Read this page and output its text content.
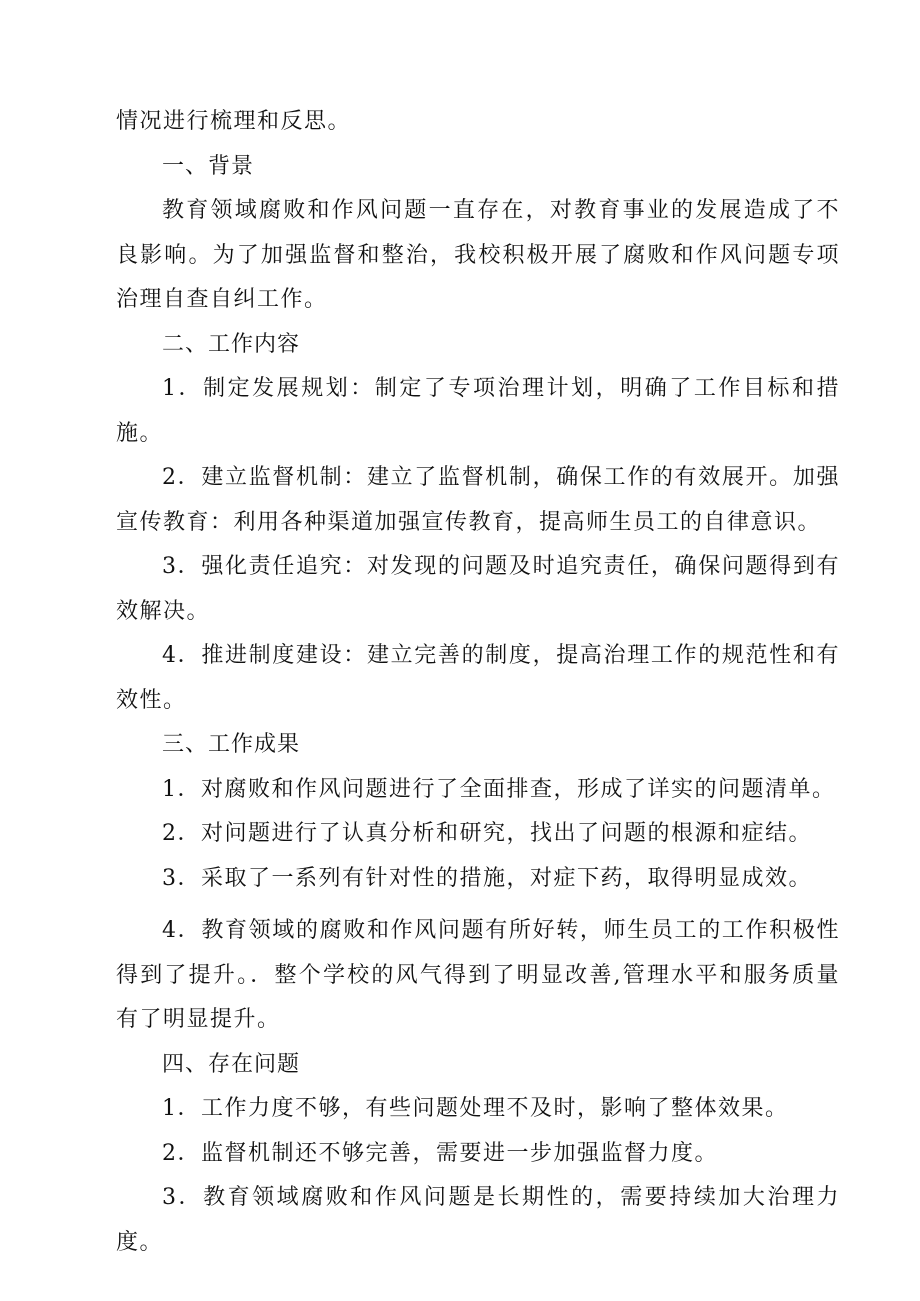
情况进行梳理和反思。

一、背景

教育领域腐败和作风问题一直存在，对教育事业的发展造成了不良影响。为了加强监督和整治，我校积极开展了腐败和作风问题专项治理自查自纠工作。

二、工作内容

1．制定发展规划：制定了专项治理计划，明确了工作目标和措施。

2．建立监督机制：建立了监督机制，确保工作的有效展开。加强宣传教育：利用各种渠道加强宣传教育，提高师生员工的自律意识。

3．强化责任追究：对发现的问题及时追究责任，确保问题得到有效解决。

4．推进制度建设：建立完善的制度，提高治理工作的规范性和有效性。

三、工作成果

1．对腐败和作风问题进行了全面排查，形成了详实的问题清单。

2．对问题进行了认真分析和研究，找出了问题的根源和症结。

3．采取了一系列有针对性的措施，对症下药，取得明显成效。

4．教育领域的腐败和作风问题有所好转，师生员工的工作积极性得到了提升。．整个学校的风气得到了明显改善,管理水平和服务质量有了明显提升。

四、存在问题

1．工作力度不够，有些问题处理不及时，影响了整体效果。

2．监督机制还不够完善，需要进一步加强监督力度。

3．教育领域腐败和作风问题是长期性的，需要持续加大治理力度。
